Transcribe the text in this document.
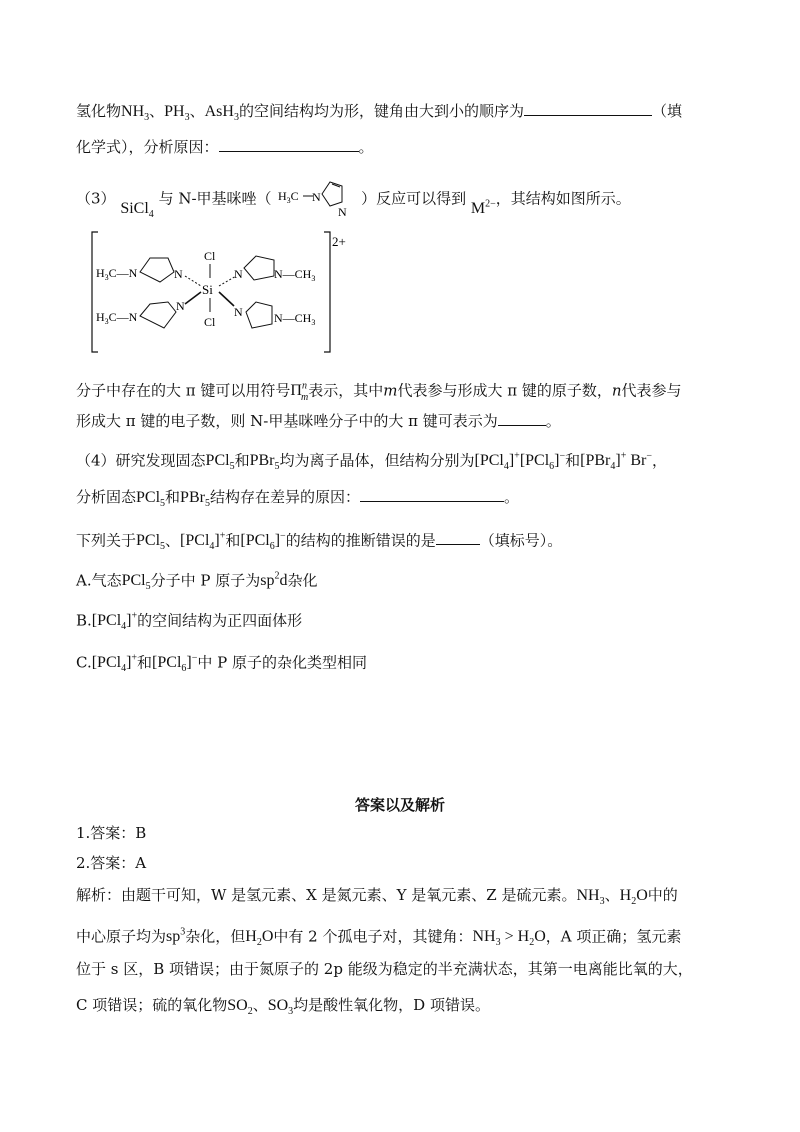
氢化物$NH_3$、$PH_3$、AsH$_3$的空间结构均为形，键角由大到小的顺序为	（填
化学式），分析原因：	。
（3） SiCl$_4$ 与 N-甲基咪唑（ $H_3C$ N
N
）反应可以得到 $M^{2-}$，其结构如图所示。
2+
$H_3C—N$	N
$H_3C—N$
N
Cl
Si
Cl
N	$N—CH_3$
N	$N—CH_3$
分子中存在的大 π 键可以用符号$\Pi^n_m$表示，其中m代表参与形成大 π 键的原子数，n代表参与
形成大 π 键的电子数，则 N-甲基咪唑分子中的大 π 键可表示为	。
（4）研究发现固态PCl$_5$和PBr$_5$均为离子晶体，但结构分别为[PCl$_4$]+[PCl$_6$]−和[PBr$_4$]+ Br−，
分析固态PCl$_5$和PBr$_5$结构存在差异的原因：	。
下列关于PCl$_5$、[PCl$_4$]+和[PCl$_6$]−的结构的推断错误的是	（填标号）。
A.气态PCl$_5$分子中 P 原子为$sp^2d$杂化
B.[PCl$_4$]+的空间结构为正四面体形
C.[PCl$_4$]+和[PCl$_6$]−中 P 原子的杂化类型相同
答案以及解析
1.答案：B
2.答案：A
解析：由题干可知，W 是氢元素、X 是氮元素、Y 是氧元素、Z 是硫元素。$NH_3$、$H_2O$中的
中心原子均为$sp^3$杂化，但$H_2O$中有 2 个孤电子对，其键角：$NH_3 > H_2O$，A 项正确；氢元素
位于 s 区，B 项错误；由于氮原子的 2p 能级为稳定的半充满状态，其第一电离能比氧的大，
C 项错误；硫的氧化物$SO_2$、$SO_3$均是酸性氧化物，D 项错误。
